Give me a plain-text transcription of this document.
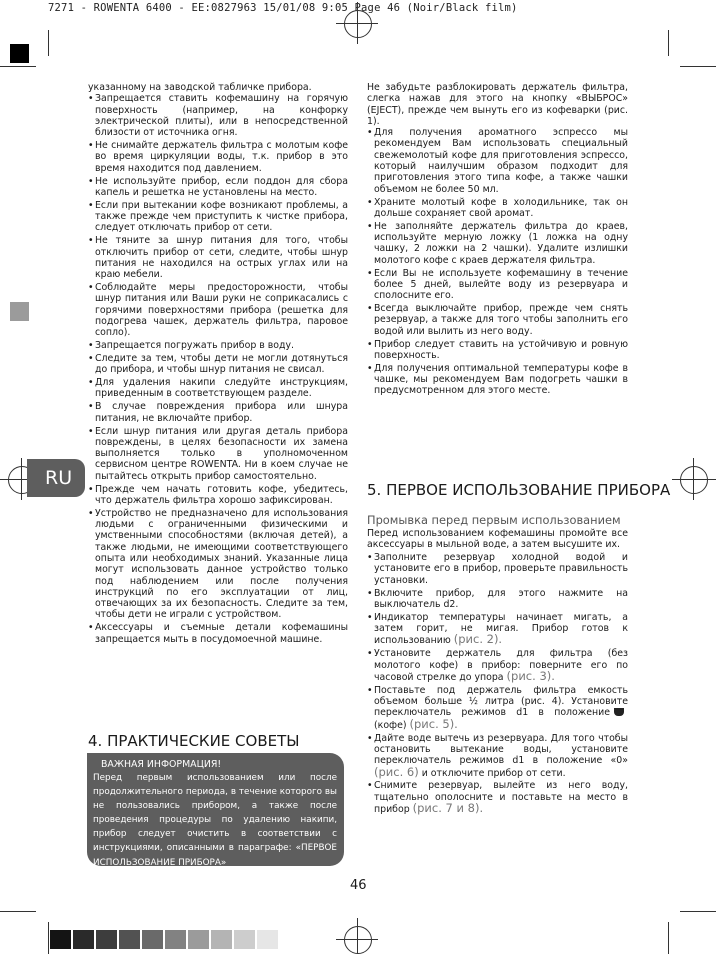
7271 - ROWENTA 6400 - EE:0827963 15/01/08 9:05 Page 46 (Noir/Black film)
RU

указанному на заводской табличке прибора.

• Запрещается ставить кофемашину на горячую поверхность (например, на конфорку электрической плиты), или в непосредственной близости от источника огня.
• Не снимайте держатель фильтра с молотым кофе во время циркуляции воды, т.к. прибор в это время находится под давлением.
• Не используйте прибор, если поддон для сбора капель и решетка не установлены на место.
• Если при вытекании кофе возникают проблемы, а также прежде чем приступить к чистке прибора, следует отключать прибор от сети.
• Не тяните за шнур питания для того, чтобы отключить прибор от сети, следите, чтобы шнур питания не находился на острых углах или на краю мебели.
• Соблюдайте меры предосторожности, чтобы шнур питания или Ваши руки не соприкасались с горячими поверхностями прибора (решетка для подогрева чашек, держатель фильтра, паровое сопло).
• Запрещается погружать прибор в воду.
• Следите за тем, чтобы дети не могли дотянуться до прибора, и чтобы шнур питания не свисал.
• Для удаления накипи следуйте инструкциям, приведенным в соответствующем разделе.
• В случае повреждения прибора или шнура питания, не включайте прибор.
• Если шнур питания или другая деталь прибора повреждены, в целях безопасности их замена выполняется только в уполномоченном сервисном центре ROWENTA. Ни в коем случае не пытайтесь открыть прибор самостоятельно.
• Прежде чем начать готовить кофе, убедитесь, что держатель фильтра хорошо зафиксирован.
• Устройство не предназначено для использования людьми с ограниченными физическими и умственными способностями (включая детей), а также людьми, не имеющими соответствующего опыта или необходимых знаний. Указанные лица могут использовать данное устройство только под наблюдением или после получения инструкций по его эксплуатации от лиц, отвечающих за их безопасность. Следите за тем, чтобы дети не играли с устройством.
• Аксессуары и съемные детали кофемашины запрещается мыть в посудомоечной машине.
4. ПРАКТИЧЕСКИЕ СОВЕТЫ
ВАЖНАЯ ИНФОРМАЦИЯ!

Перед первым использованием или после продолжительного периода, в течение которого вы не пользовались прибором, а также после проведения процедуры по удалению накипи, прибор следует очистить в соответствии с инструкциями, описанными в параграфе: «ПЕРВОЕ ИСПОЛЬЗОВАНИЕ ПРИБОРА»

Не забудьте разблокировать держатель фильтра, слегка нажав для этого на кнопку «ВЫБРОС» (EJECT), прежде чем вынуть его из кофеварки (рис. 1).

• Для получения ароматного эспрессо мы рекомендуем Вам использовать специальный свежемолотый кофе для приготовления эспрессо, который наилучшим образом подходит для приготовления этого типа кофе, а также чашки объемом не более 50 мл.
• Храните молотый кофе в холодильнике, так он дольше сохраняет свой аромат.
• Не заполняйте держатель фильтра до краев, используйте мерную ложку (1 ложка на одну чашку, 2 ложки на 2 чашки). Удалите излишки молотого кофе с краев держателя фильтра.
• Если Вы не используете кофемашину в течение более 5 дней, вылейте воду из резервуара и сполосните его.
• Всегда выключайте прибор, прежде чем снять резервуар, а также для того чтобы заполнить его водой или вылить из него воду.
• Прибор следует ставить на устойчивую и ровную поверхность.
• Для получения оптимальной температуры кофе в чашке, мы рекомендуем Вам подогреть чашки в предусмотренном для этого месте.
5. ПЕРВОЕ ИСПОЛЬЗОВАНИЕ ПРИБОРА
Промывка перед первым использованием

Перед использованием кофемашины промойте все аксессуары в мыльной воде, а затем высушите их.

• Заполните резервуар холодной водой и установите его в прибор, проверьте правильность установки.
• Включите прибор, для этого нажмите на выключатель d2.
• Индикатор температуры начинает мигать, а затем горит, не мигая. Прибор готов к использованию (рис. 2).
• Установите держатель для фильтра (без молотого кофе) в прибор: поверните его по часовой стрелке до упора (рис. 3).
• Поставьте под держатель фильтра емкость объемом больше ½ литра (рис. 4). Установите переключатель режимов d1 в положение(кофе) (рис. 5).
• Дайте воде вытечь из резервуара. Для того чтобы остановить вытекание воды, установите переключатель режимов d1 в положение «0» (рис. 6) и отключите прибор от сети.
• Снимите резервуар, вылейте из него воду, тщательно ополосните и поставьте на место в прибор (рис. 7 и 8).
46
